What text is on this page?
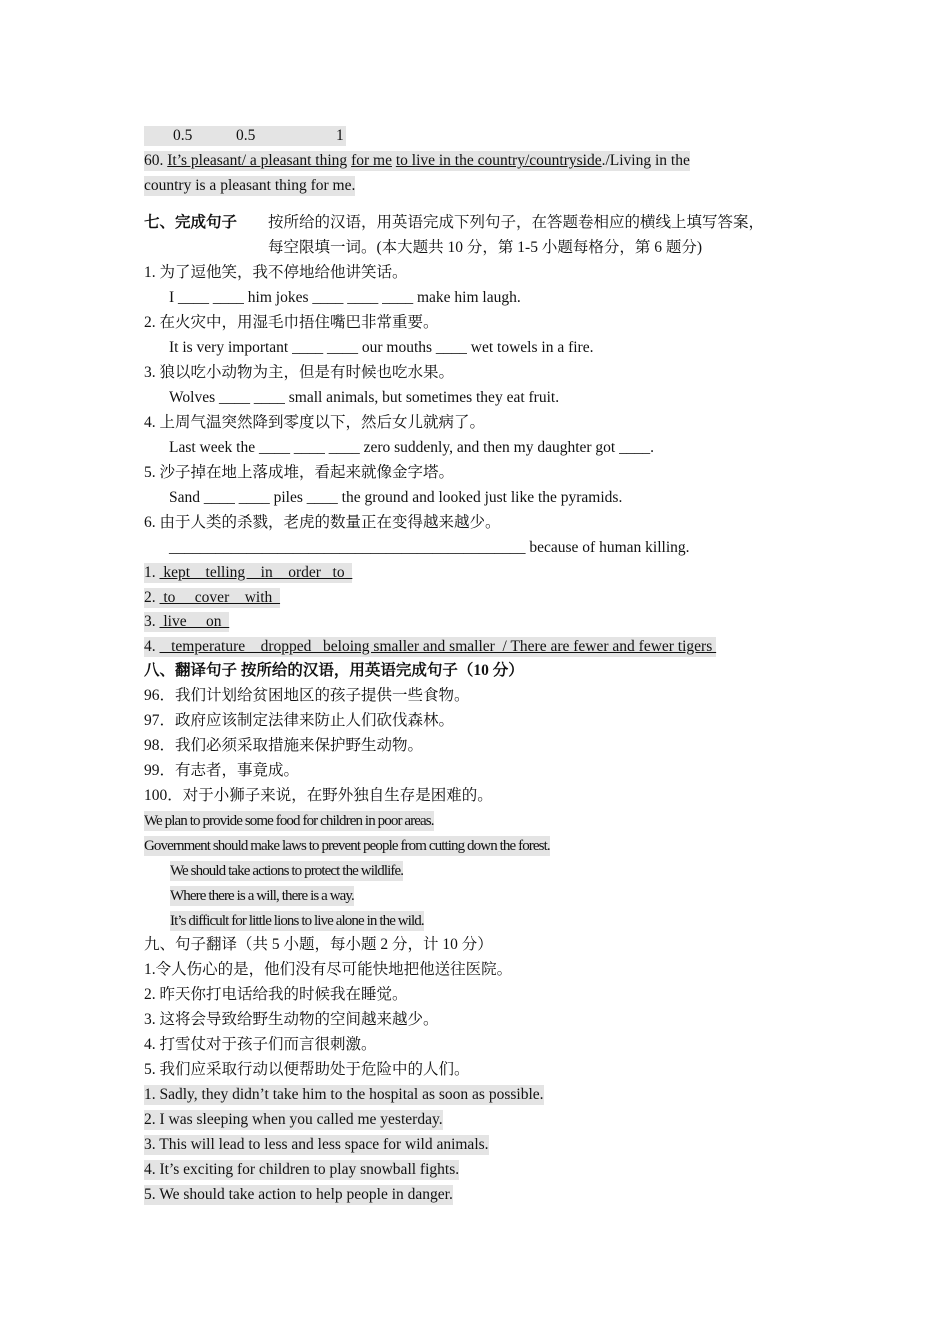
0.5	0.5	1
60. It’s pleasant/ a pleasant thing for me to live in the country/countryside./Living in the
country is a pleasant thing for me.
七、完成句子 按所给的汉语，用英语完成下列句子，在答题卷相应的横线上填写答案，
每空限填一词。(本大题共 10 分，第 1-5 小题每格分，第 6 题分)
1. 为了逗他笑，我不停地给他讲笑话。
I ____ ____ him jokes ____ ____ ____ make him laugh.
2. 在火灾中，用湿毛巾捂住嘴巴非常重要。
It is very important ____ ____ our mouths ____ wet towels in a fire.
3. 狼以吃小动物为主，但是有时候也吃水果。
Wolves ____ ____ small animals, but sometimes they eat fruit.
4. 上周气温突然降到零度以下，然后女儿就病了。
Last week the ____ ____ ____ zero suddenly, and then my daughter got ____.
5. 沙子掉在地上落成堆，看起来就像金字塔。
Sand ____ ____ piles ____ the ground and looked just like the pyramids.
6. 由于人类的杀戮，老虎的数量正在变得越来越少。
______________________________________________ because of human killing.
1.  kept    telling    in    order   to
2.  to     cover    with
3.  live     on
4.    temperature    dropped   beloing smaller and smaller  / There are fewer and fewer tigers
八、翻译句子 按所给的汉语，用英语完成句子（10 分）
96．我们计划给贫困地区的孩子提供一些食物。
97．政府应该制定法律来防止人们砍伐森林。
98．我们必须采取措施来保护野生动物。
99．有志者，事竟成。
100．对于小狮子来说，在野外独自生存是困难的。
We plan to provide some food for children in poor areas.
Government should make laws to prevent people from cutting down the forest.
We should take actions to protect the wildlife.
Where there is a will, there is a way.
It’s difficult for little lions to live alone in the wild.
九、句子翻译（共 5 小题，每小题 2 分，计 10 分）
1.令人伤心的是，他们没有尽可能快地把他送往医院。
2. 昨天你打电话给我的时候我在睡觉。
3. 这将会导致给野生动物的空间越来越少。
4. 打雪仗对于孩子们而言很刺激。
5. 我们应采取行动以便帮助处于危险中的人们。
1. Sadly, they didn’t take him to the hospital as soon as possible.
2. I was sleeping when you called me yesterday.
3. This will lead to less and less space for wild animals.
4. It’s exciting for children to play snowball fights.
5. We should take action to help people in danger.
